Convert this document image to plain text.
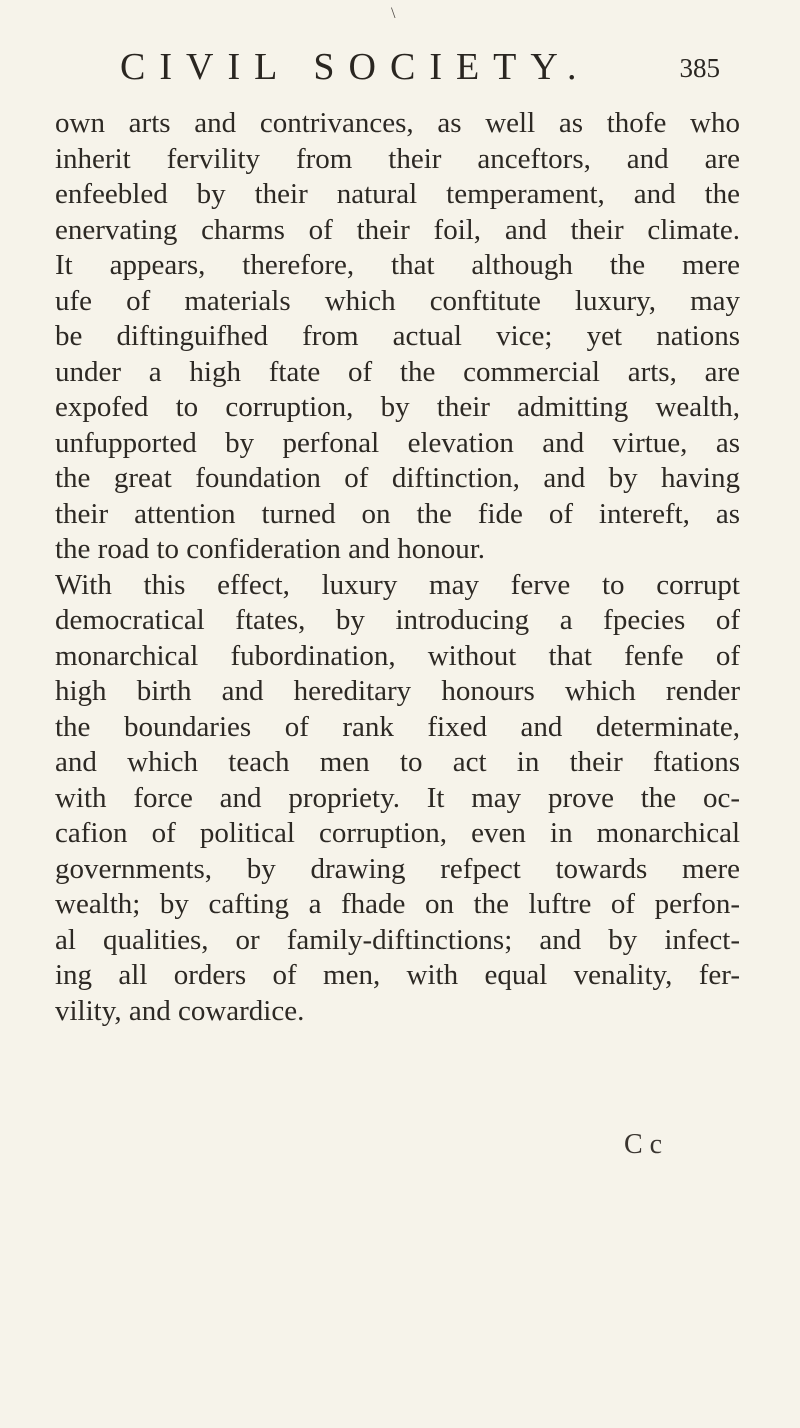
\
CIVIL SOCIETY.	385
own arts and contrivances, as well as thofe who
inherit fervility from their anceftors, and are
enfeebled by their natural temperament, and the
enervating charms of their foil, and their climate.
It appears, therefore, that although the mere
ufe of materials which conftitute luxury, may
be diftinguifhed from actual vice; yet nations
under a high ftate of the commercial arts, are
expofed to corruption, by their admitting wealth,
unfupported by perfonal elevation and virtue, as
the great foundation of diftinction, and by having
their attention turned on the fide of intereft, as
the road to confideration and honour.
With this effect, luxury may ferve to corrupt
democratical ftates, by introducing a fpecies of
monarchical fubordination, without that fenfe of
high birth and hereditary honours which render
the boundaries of rank fixed and determinate,
and which teach men to act in their ftations
with force and propriety. It may prove the oc-
cafion of political corruption, even in monarchical
governments, by drawing refpect towards mere
wealth; by cafting a fhade on the luftre of perfon-
al qualities, or family-diftinctions; and by infect-
ing all orders of men, with equal venality, fer-
vility, and cowardice.
C c
